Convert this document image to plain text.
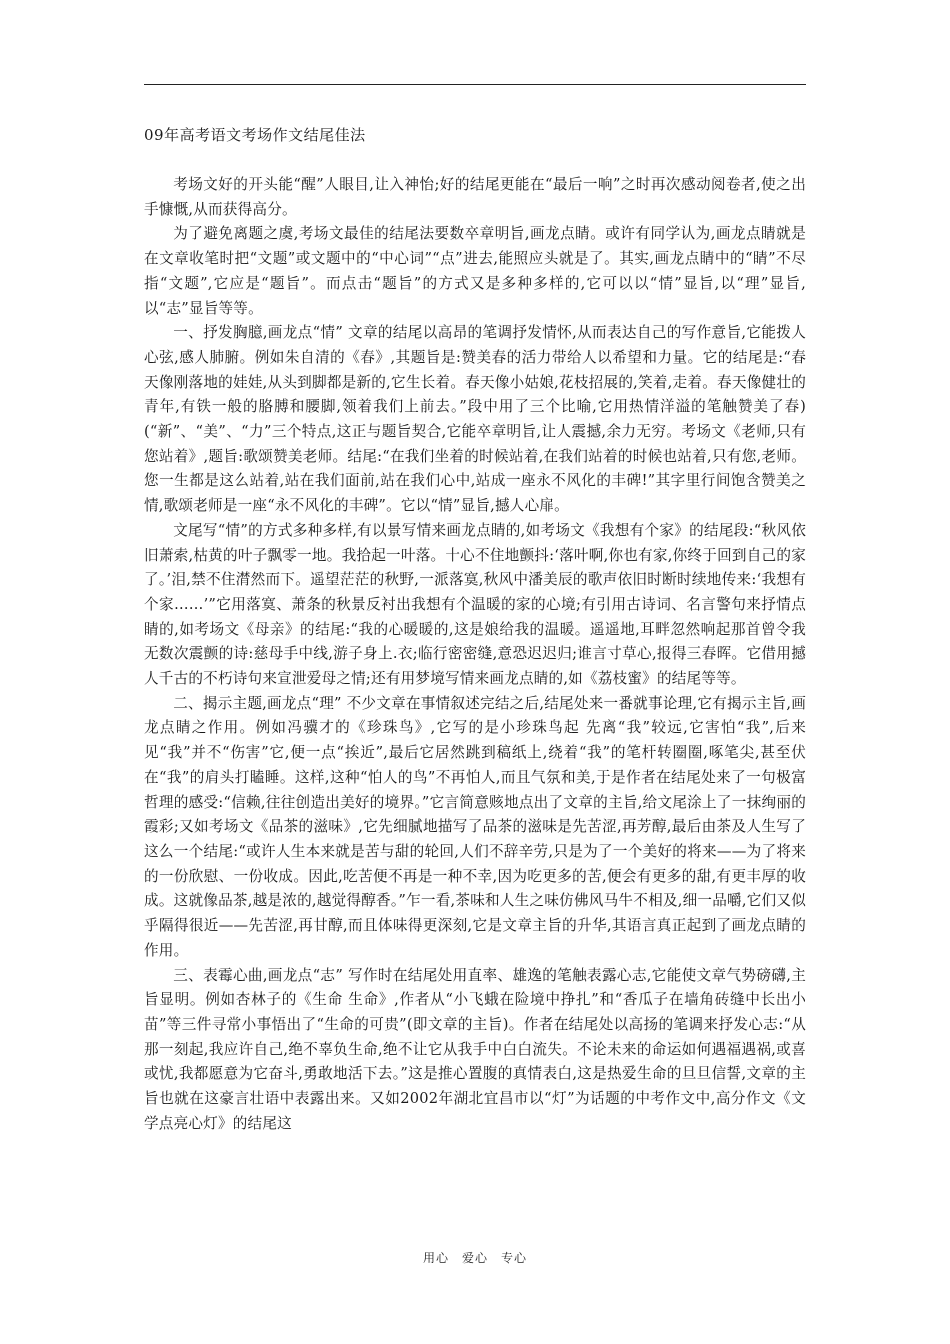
09年高考语文考场作文结尾佳法

考场文好的开头能“醒”人眼目,让入神怡;好的结尾更能在“最后一响”之时再次感动阅卷者,使之出手慷慨,从而获得高分。

为了避免离题之虞,考场文最佳的结尾法要数卒章明旨,画龙点睛。或许有同学认为,画龙点睛就是在文章收笔时把“文题”或文题中的“中心词”“点”进去,能照应头就是了。其实,画龙点睛中的“睛”不尽指“文题”,它应是“题旨”。而点击“题旨”的方式又是多种多样的,它可以以“情”显旨,以“理”显旨,以“志”显旨等等。

一、抒发胸臆,画龙点“情” 文章的结尾以高昂的笔调抒发情怀,从而表达自己的写作意旨,它能拨人心弦,感人肺腑。例如朱自清的《春》,其题旨是:赞美春的活力带给人以希望和力量。它的结尾是:“春天像刚落地的娃娃,从头到脚都是新的,它生长着。春天像小姑娘,花枝招展的,笑着,走着。春天像健壮的青年,有铁一般的胳膊和腰脚,领着我们上前去。”段中用了三个比喻,它用热情洋溢的笔触赞美了春)(“新”、“美”、“力”三个特点,这正与题旨契合,它能卒章明旨,让人震撼,余力无穷。考场文《老师,只有您站着》,题旨:歌颂赞美老师。结尾:“在我们坐着的时候站着,在我们站着的时候也站着,只有您,老师。您一生都是这么站着,站在我们面前,站在我们心中,站成一座永不风化的丰碑!”其字里行间饱含赞美之情,歌颂老师是一座“永不风化的丰碑”。它以“情”显旨,撼人心扉。

文尾写“情”的方式多种多样,有以景写情来画龙点睛的,如考场文《我想有个家》的结尾段:“秋风依旧萧索,枯黄的叶子飘零一地。我拾起一叶落。十心不住地颤抖:‘落叶啊,你也有家,你终于回到自己的家了。’泪,禁不住潸然而下。遥望茫茫的秋野,一派落寞,秋风中潘美辰的歌声依旧时断时续地传来:‘我想有个家……’”它用落寞、萧条的秋景反衬出我想有个温暖的家的心境;有引用古诗词、名言警句来抒情点睛的,如考场文《母亲》的结尾:“我的心暖暖的,这是娘给我的温暖。遥遥地,耳畔忽然响起那首曾令我无数次震颤的诗:慈母手中线,游子身上.衣;临行密密缝,意恐迟迟归;谁言寸草心,报得三春晖。它借用撼人千古的不朽诗句来宣泄爱母之情;还有用梦境写情来画龙点睛的,如《荔枝蜜》的结尾等等。

二、揭示主题,画龙点“理” 不少文章在事情叙述完结之后,结尾处来一番就事论理,它有揭示主旨,画龙点睛之作用。例如冯骥才的《珍珠鸟》,它写的是小珍珠鸟起 先离“我”较远,它害怕“我”,后来见“我”并不“伤害”它,便一点“挨近”,最后它居然跳到稿纸上,绕着“我”的笔杆转圈圈,啄笔尖,甚至伏在“我”的肩头打瞌睡。这样,这种“怕人的鸟”不再怕人,而且气氛和美,于是作者在结尾处来了一句极富哲理的感受:“信赖,往往创造出美好的境界。”它言简意赅地点出了文章的主旨,给文尾涂上了一抹绚丽的霞彩;又如考场文《品茶的滋味》,它先细腻地描写了品茶的滋味是先苦涩,再芳醇,最后由茶及人生写了这么一个结尾:“或许人生本来就是苦与甜的轮回,人们不辞辛劳,只是为了一个美好的将来——为了将来的一份欣慰、一份收成。因此,吃苦便不再是一种不幸,因为吃更多的苦,便会有更多的甜,有更丰厚的收成。这就像品茶,越是浓的,越觉得醇香。”乍一看,茶味和人生之味仿佛风马牛不相及,细一品嚼,它们又似乎隔得很近——先苦涩,再甘醇,而且体味得更深刻,它是文章主旨的升华,其语言真正起到了画龙点睛的作用。

三、表霉心曲,画龙点“志” 写作时在结尾处用直率、雄逸的笔触表露心志,它能使文章气势磅礴,主旨显明。例如杏林子的《生命 生命》,作者从“小飞蛾在险境中挣扎”和“香瓜子在墙角砖缝中长出小苗”等三件寻常小事悟出了“生命的可贵”(即文章的主旨)。作者在结尾处以高扬的笔调来抒发心志:“从那一刻起,我应许自己,绝不辜负生命,绝不让它从我手中白白流失。不论未来的命运如何遇福遇祸,或喜或忧,我都愿意为它奋斗,勇敢地活下去。”这是推心置腹的真情表白,这是热爱生命的旦旦信誓,文章的主旨也就在这豪言壮语中表露出来。又如2002年湖北宜昌市以“灯”为话题的中考作文中,高分作文《文学点亮心灯》的结尾这

用心　爱心　专心
